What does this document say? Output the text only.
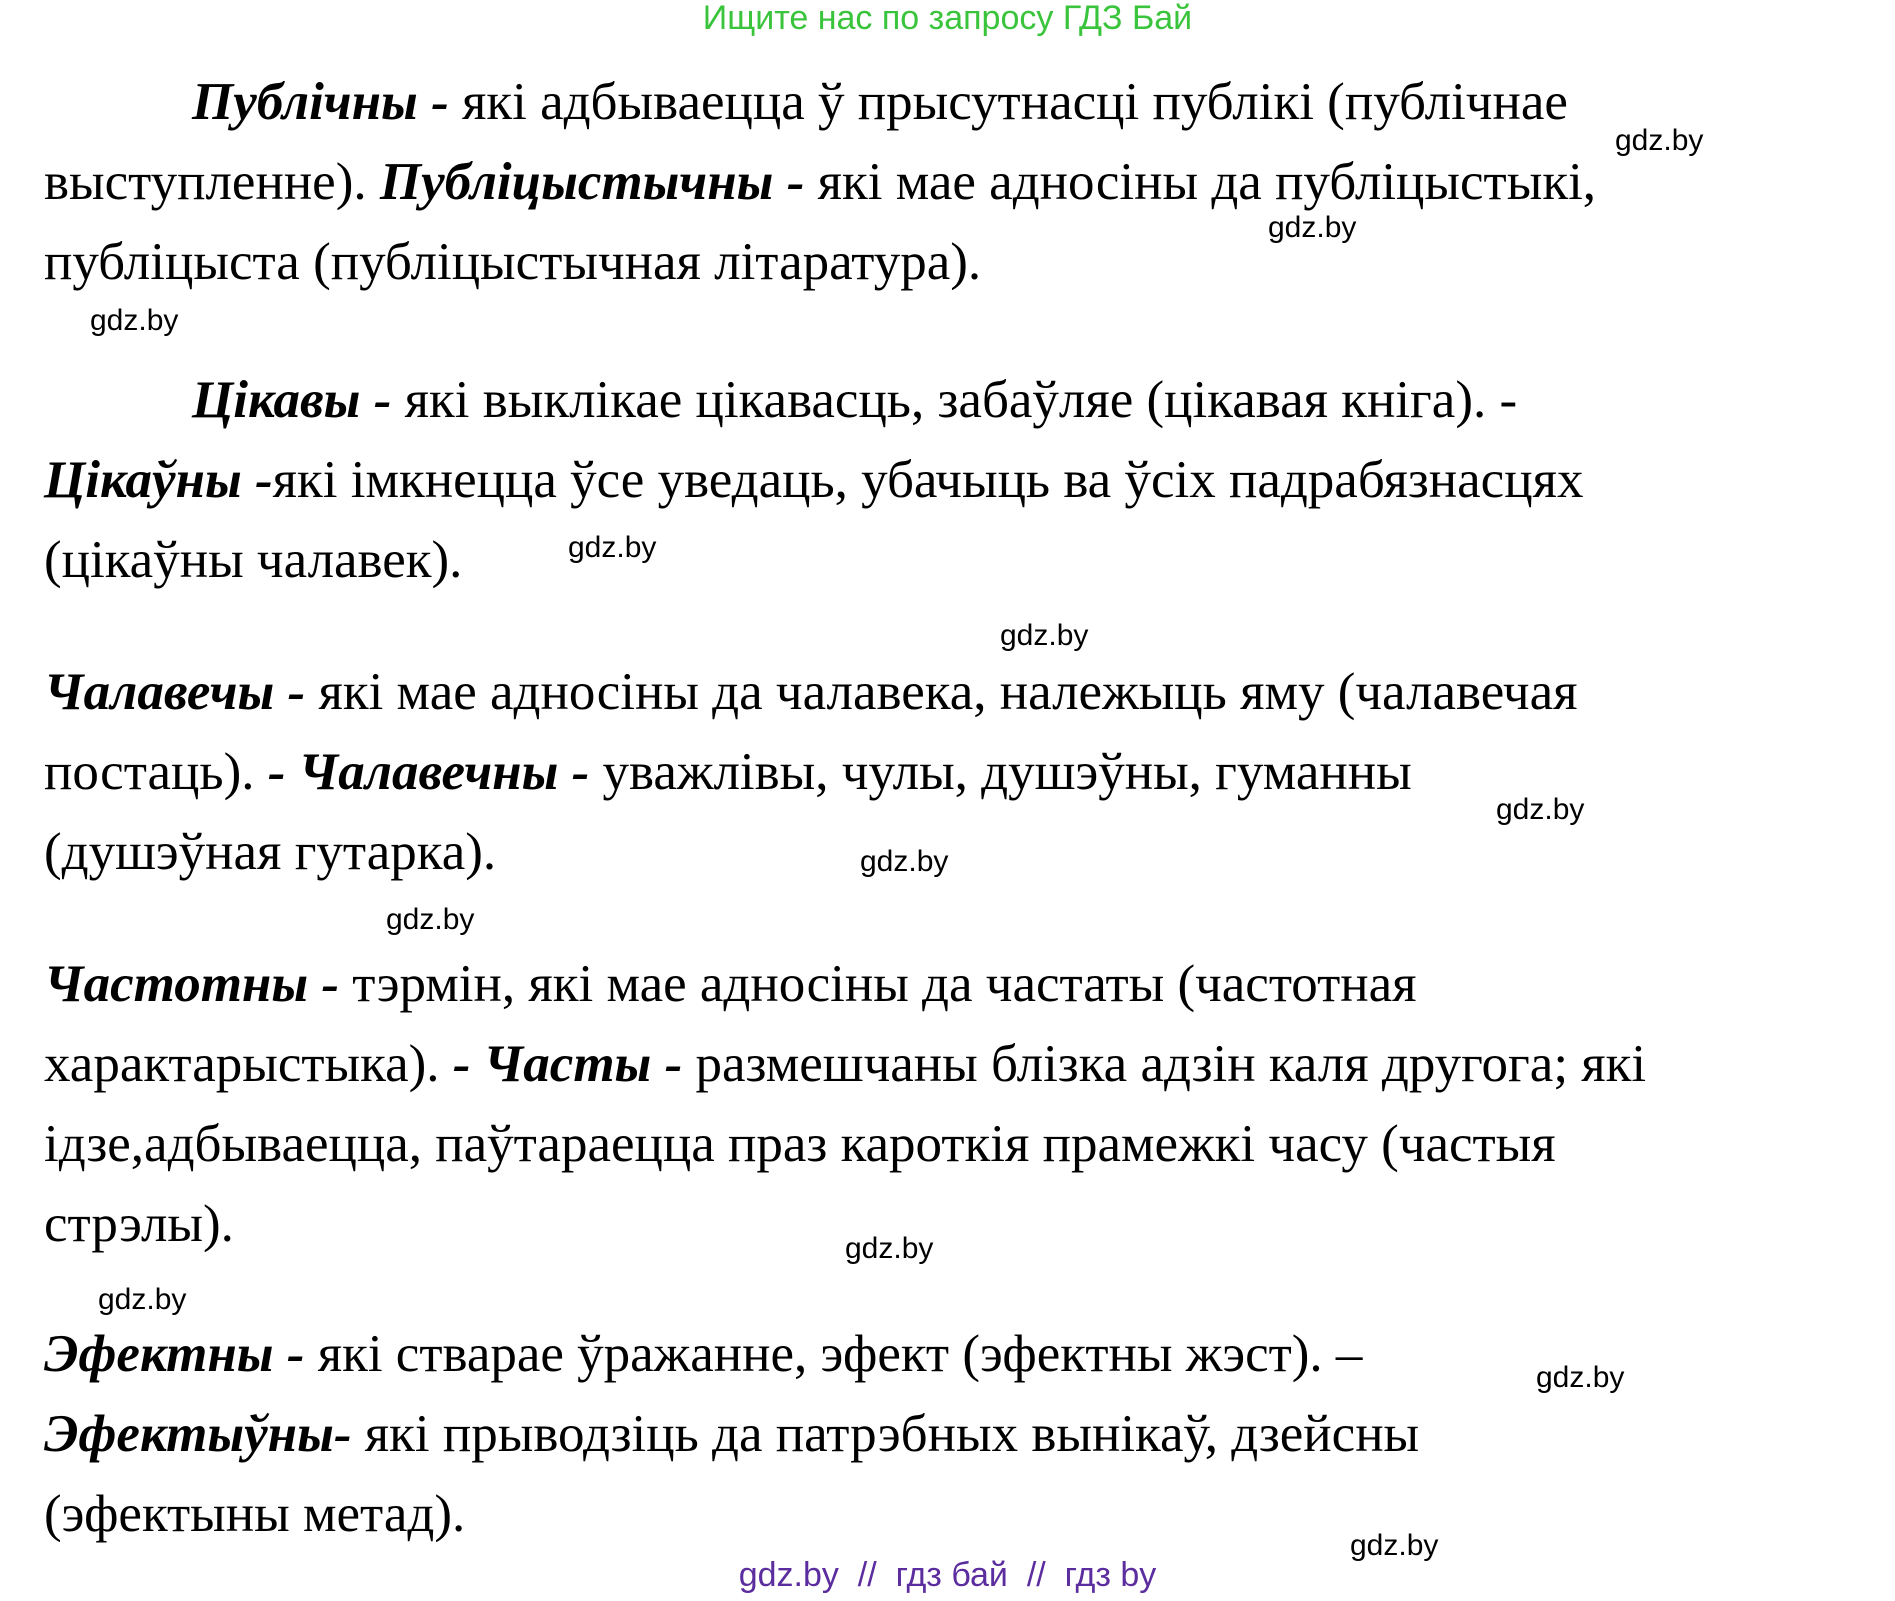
Ищите нас по запросу ГДЗ Бай
Публічны - які адбываецца ў прысутнасці публікі (публічнае
выступленне). Публіцыстычны - які мае адносіны да публіцыстыкі,
публіцыста (публіцыстычная літаратура).
Цікавы - які выклікае цікавасць, забаўляе (цікавая кніга). -
Цікаўны -які імкнецца ўсе уведаць, убачыць ва ўсіх падрабязнасцях
(цікаўны чалавек).
Чалавечы - які мае адносіны да чалавека, належыць яму (чалавечая
постаць). - Чалавечны - уважлівы, чулы, душэўны, гуманны
(душэўная гутарка).
Частотны - тэрмін, які мае адносіны да частаты (частотная
характарыстыка). - Часты - размешчаны блізка адзін каля другога; які
ідзе,адбываецца, паўтараецца праз кароткія прамежкі часу (частыя
стрэлы).
Эфектны - які стварае ўражанне, эфект (эфектны жэст). –
Эфектыўны- які прыводзіць да патрэбных вынікаў, дзейсны
(эфектыны метад).
gdz.by
gdz.by
gdz.by
gdz.by
gdz.by
gdz.by
gdz.by
gdz.by
gdz.by
gdz.by
gdz.by
gdz.by
gdz.by  //  гдз бай  //  гдз by
